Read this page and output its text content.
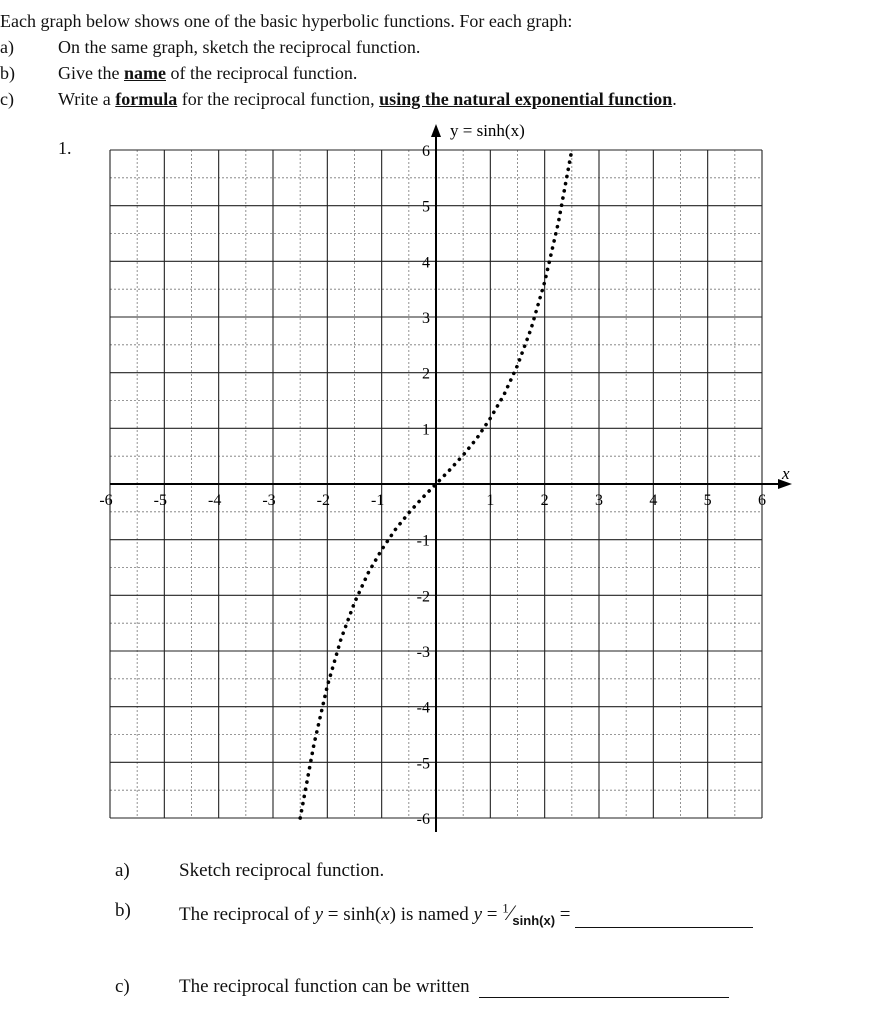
Each graph below shows one of the basic hyperbolic functions. For each graph:
a) On the same graph, sketch the reciprocal function.
b) Give the name of the reciprocal function.
c) Write a formula for the reciprocal function, using the natural exponential function.
1.
-6	-5	-4	-3	-2	-1	1	2	3	4	5	6
6
5
4
3
2
1
-1
-2
-3
-4
-5
-6
y = sinh(x)
x
a)	Sketch reciprocal function.
b)	The reciprocal of y = sinh(x) is named $y = ^1⁄_{sinh(x)}$ =
c)	The reciprocal function can be written
